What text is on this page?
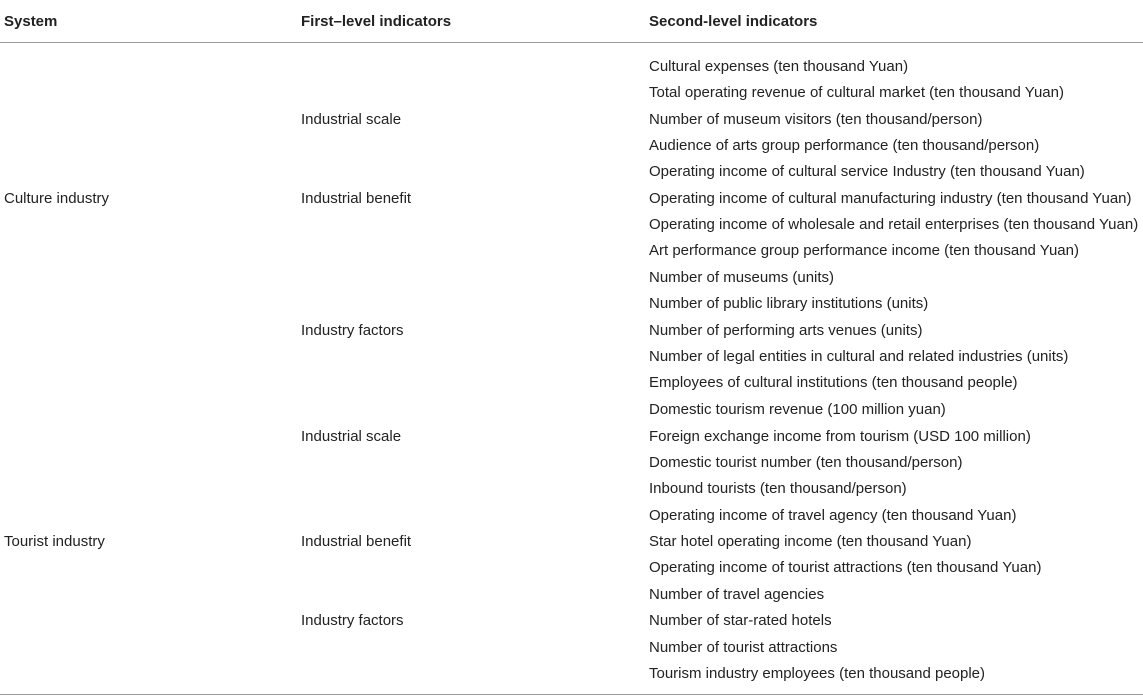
System	First–level indicators	Second-level indicators
Culture industry
Tourist industry
Industrial scale
Industrial benefit
Industry factors
Industrial scale
Industrial benefit
Industry factors
Cultural expenses (ten thousand Yuan)
Total operating revenue of cultural market (ten thousand Yuan)
Number of museum visitors (ten thousand/person)
Audience of arts group performance (ten thousand/person)
Operating income of cultural service Industry (ten thousand Yuan)
Operating income of cultural manufacturing industry (ten thousand Yuan)
Operating income of wholesale and retail enterprises (ten thousand Yuan)
Art performance group performance income (ten thousand Yuan)
Number of museums (units)
Number of public library institutions (units)
Number of performing arts venues (units)
Number of legal entities in cultural and related industries (units)
Employees of cultural institutions (ten thousand people)
Domestic tourism revenue (100 million yuan)
Foreign exchange income from tourism (USD 100 million)
Domestic tourist number (ten thousand/person)
Inbound tourists (ten thousand/person)
Operating income of travel agency (ten thousand Yuan)
Star hotel operating income (ten thousand Yuan)
Operating income of tourist attractions (ten thousand Yuan)
Number of travel agencies
Number of star-rated hotels
Number of tourist attractions
Tourism industry employees (ten thousand people)
